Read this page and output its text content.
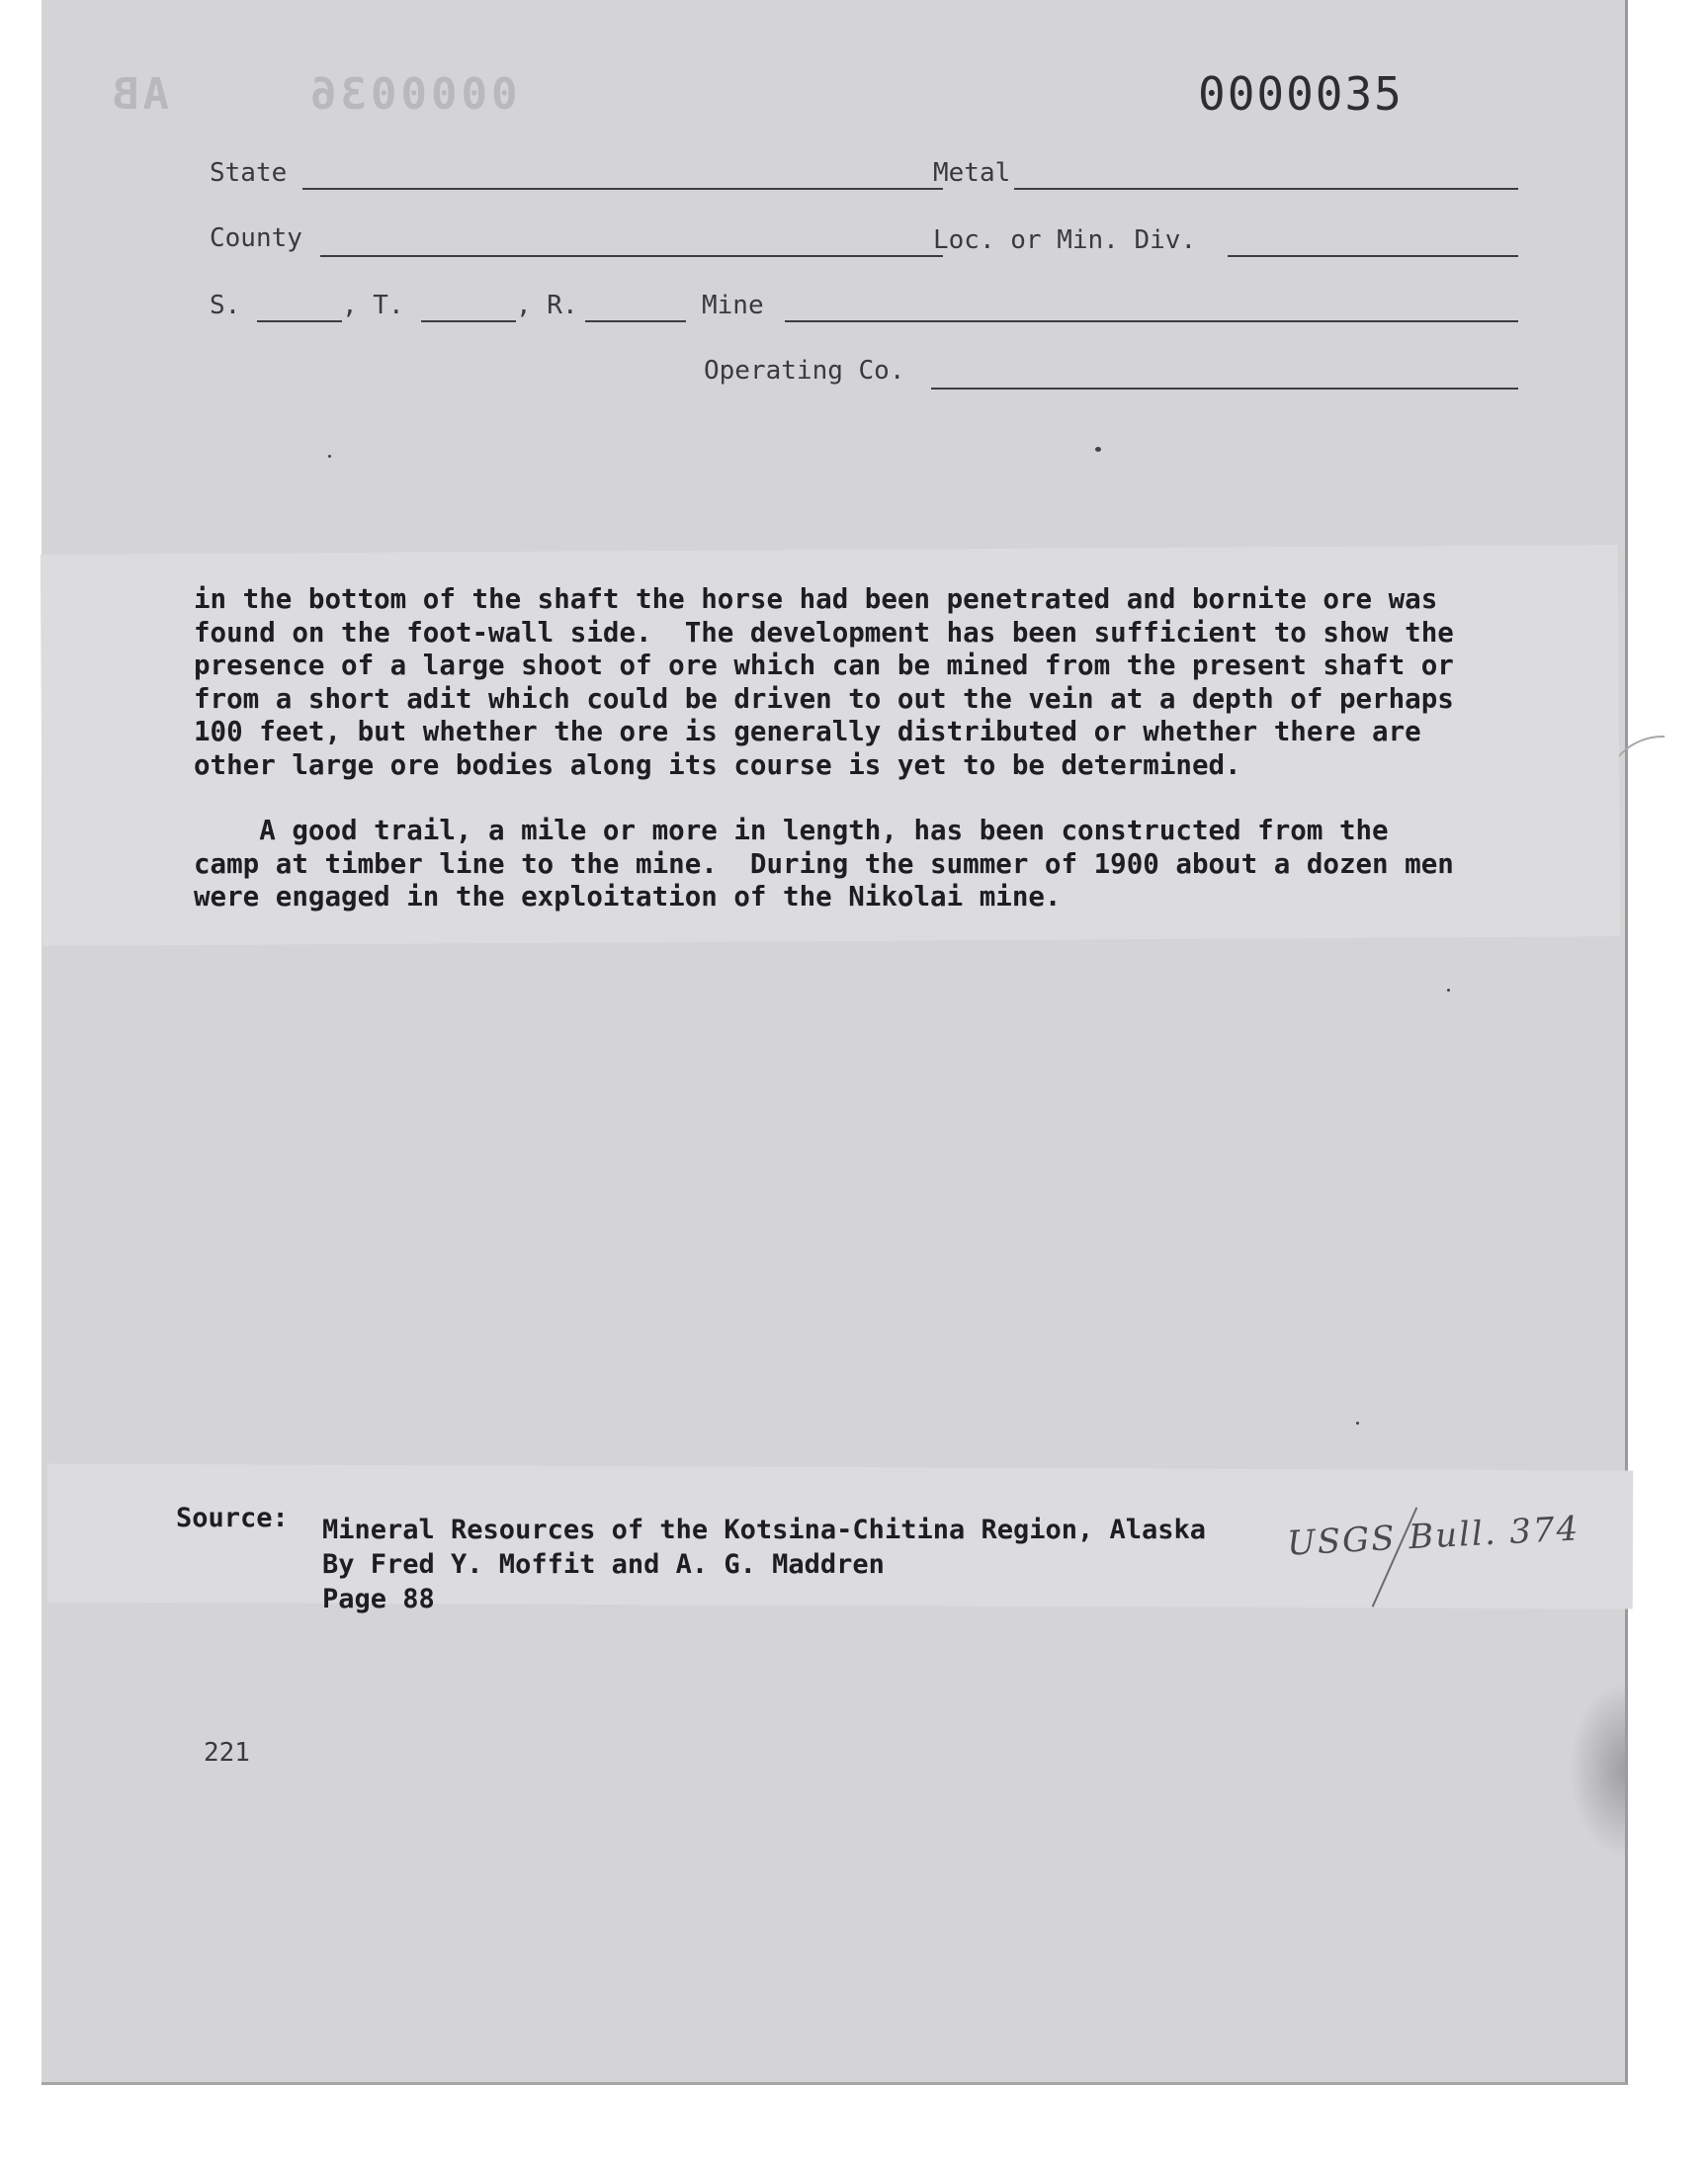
AB	0000036	0000035
State	Metal
County	Loc. or Min. Div.
S.	, T.	, R.	Mine
Operating Co.
in the bottom of the shaft the horse had been penetrated and bornite ore was
found on the foot-wall side.  The development has been sufficient to show the
presence of a large shoot of ore which can be mined from the present shaft or
from a short adit which could be driven to out the vein at a depth of perhaps
100 feet, but whether the ore is generally distributed or whether there are
other large ore bodies along its course is yet to be determined.
A good trail, a mile or more in length, has been constructed from the
camp at timber line to the mine.  During the summer of 1900 about a dozen men
were engaged in the exploitation of the Nikolai mine.
Source: Mineral Resources of the Kotsina-Chitina Region, Alaska
By Fred Y. Moffit and A. G. Maddren
Page 88
USGS Bull. 374
221
